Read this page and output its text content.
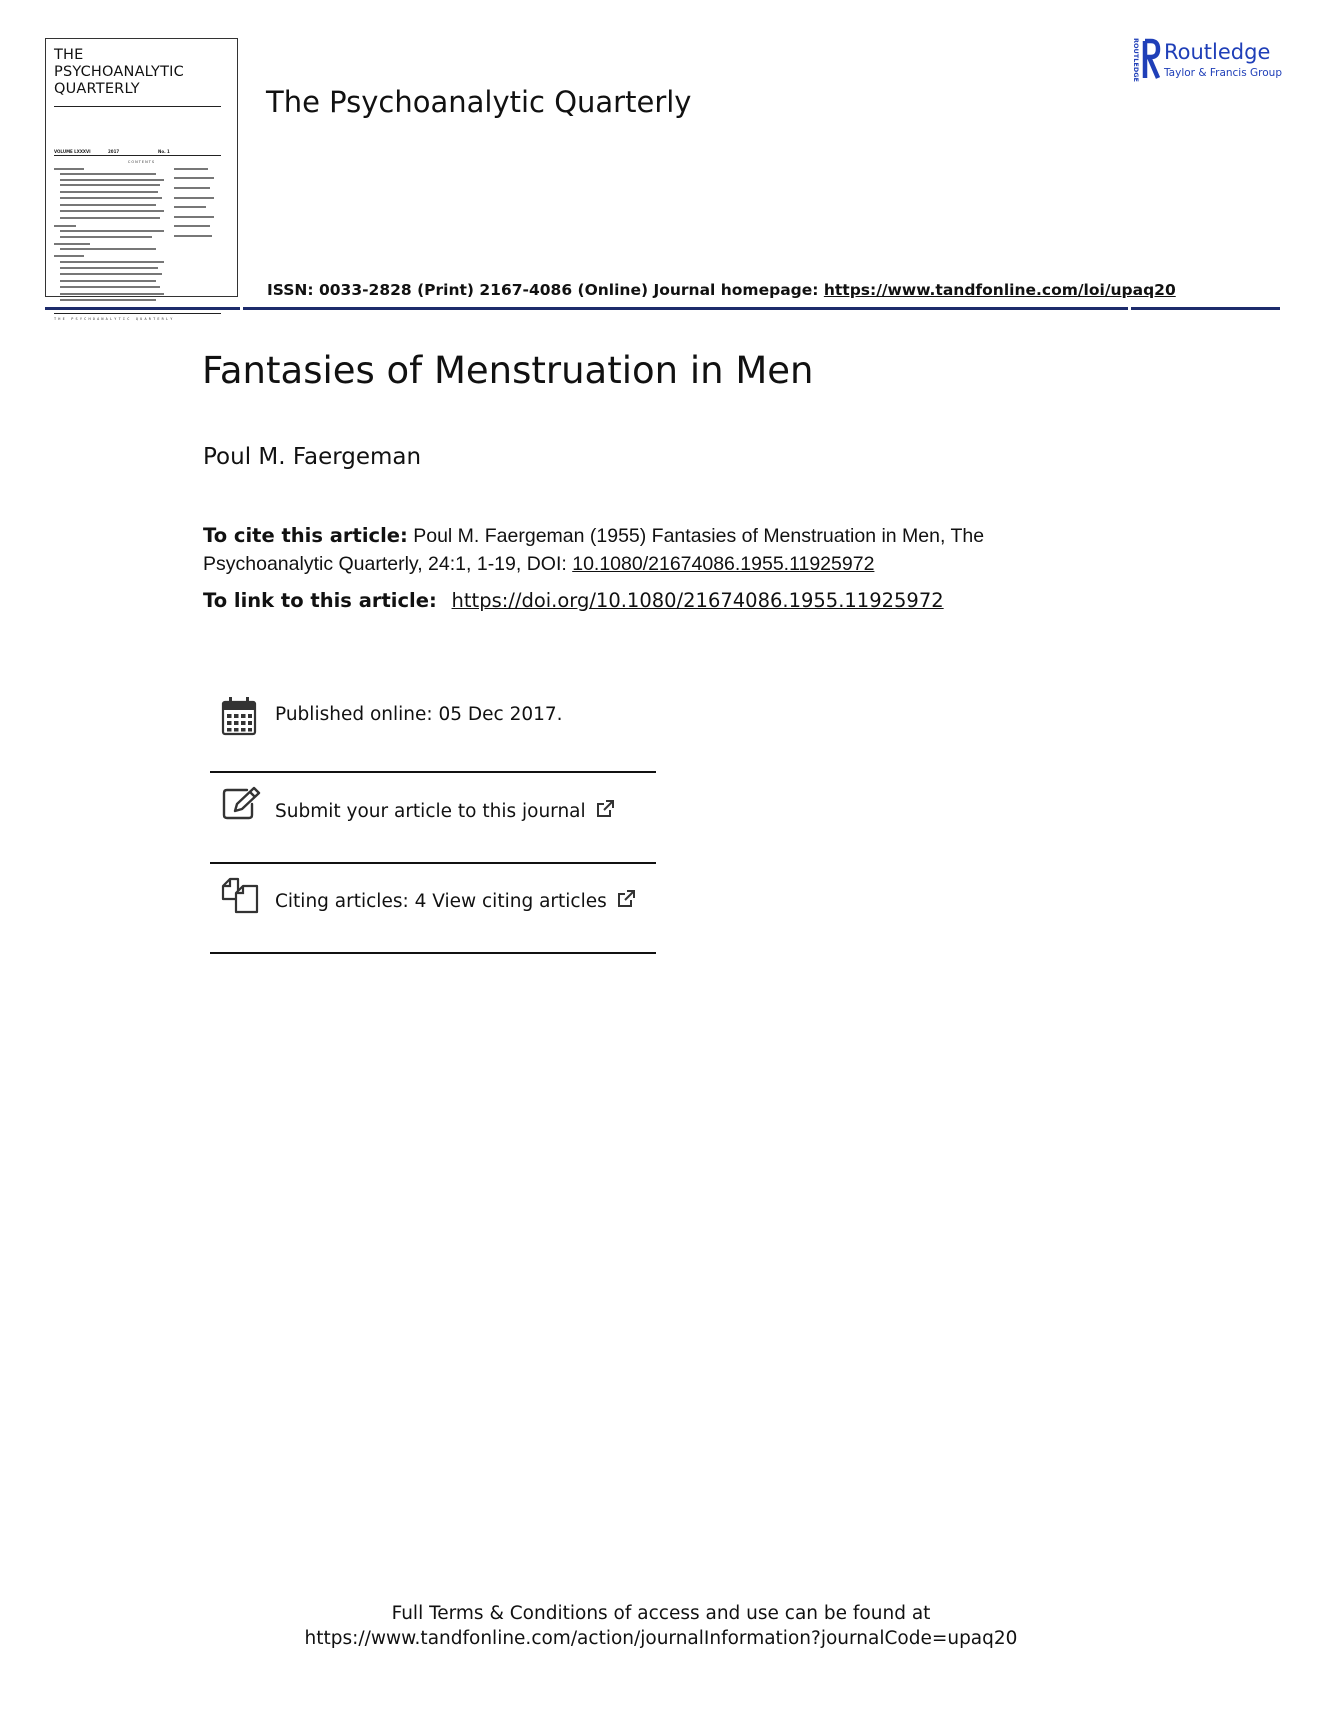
THE
PSYCHOANALYTIC
QUARTERLY
VOLUME LXXXVI	2017	No. 1
CONTENTS
THE PSYCHOANALYTIC QUARTERLY
The Psychoanalytic Quarterly
ROUTLEDGE Routledge
Taylor & Francis Group
ISSN: 0033-2828 (Print) 2167-4086 (Online) Journal homepage: https://www.tandfonline.com/loi/upaq20
Fantasies of Menstruation in Men
Poul M. Faergeman
To cite this article: Poul M. Faergeman (1955) Fantasies of Menstruation in Men, The Psychoanalytic Quarterly, 24:1, 1-19, DOI: 10.1080/21674086.1955.11925972
To link to this article: https://doi.org/10.1080/21674086.1955.11925972
Published online: 05 Dec 2017.
Submit your article to this journal
Citing articles: 4 View citing articles
Full Terms & Conditions of access and use can be found at
https://www.tandfonline.com/action/journalInformation?journalCode=upaq20
